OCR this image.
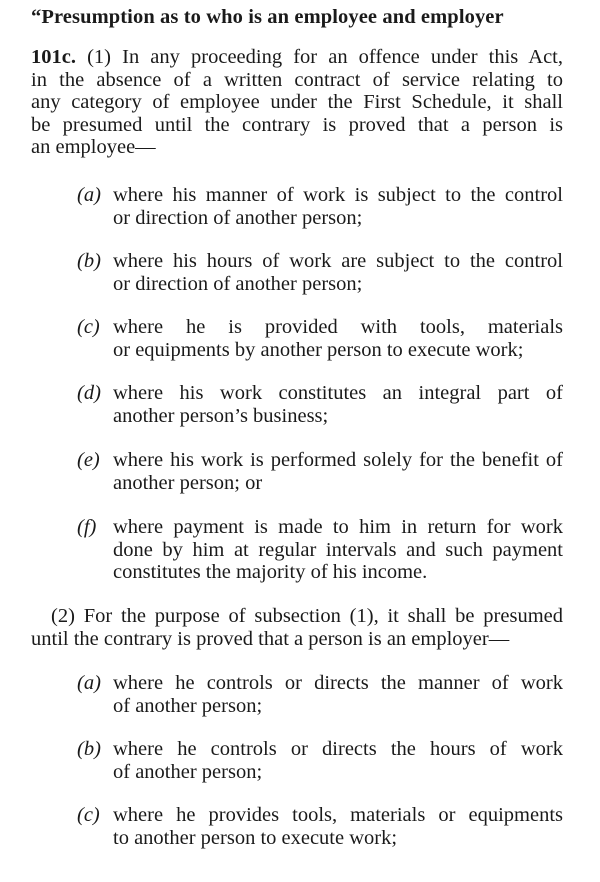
“Presumption as to who is an employee and employer
101c. (1) In any proceeding for an offence under this Act,
in the absence of a written contract of service relating to
any category of employee under the First Schedule, it shall
be presumed until the contrary is proved that a person is
an employee—
(a) where his manner of work is subject to the control
or direction of another person;
(b) where his hours of work are subject to the control
or direction of another person;
(c) where he is provided with tools, materials
or equipments by another person to execute work;
(d) where his work constitutes an integral part of
another person’s business;
(e) where his work is performed solely for the benefit of
another person; or
(f) where payment is made to him in return for work
done by him at regular intervals and such payment
constitutes the majority of his income.
(2) For the purpose of subsection (1), it shall be presumed
until the contrary is proved that a person is an employer—
(a) where he controls or directs the manner of work
of another person;
(b) where he controls or directs the hours of work
of another person;
(c) where he provides tools, materials or equipments
to another person to execute work;
